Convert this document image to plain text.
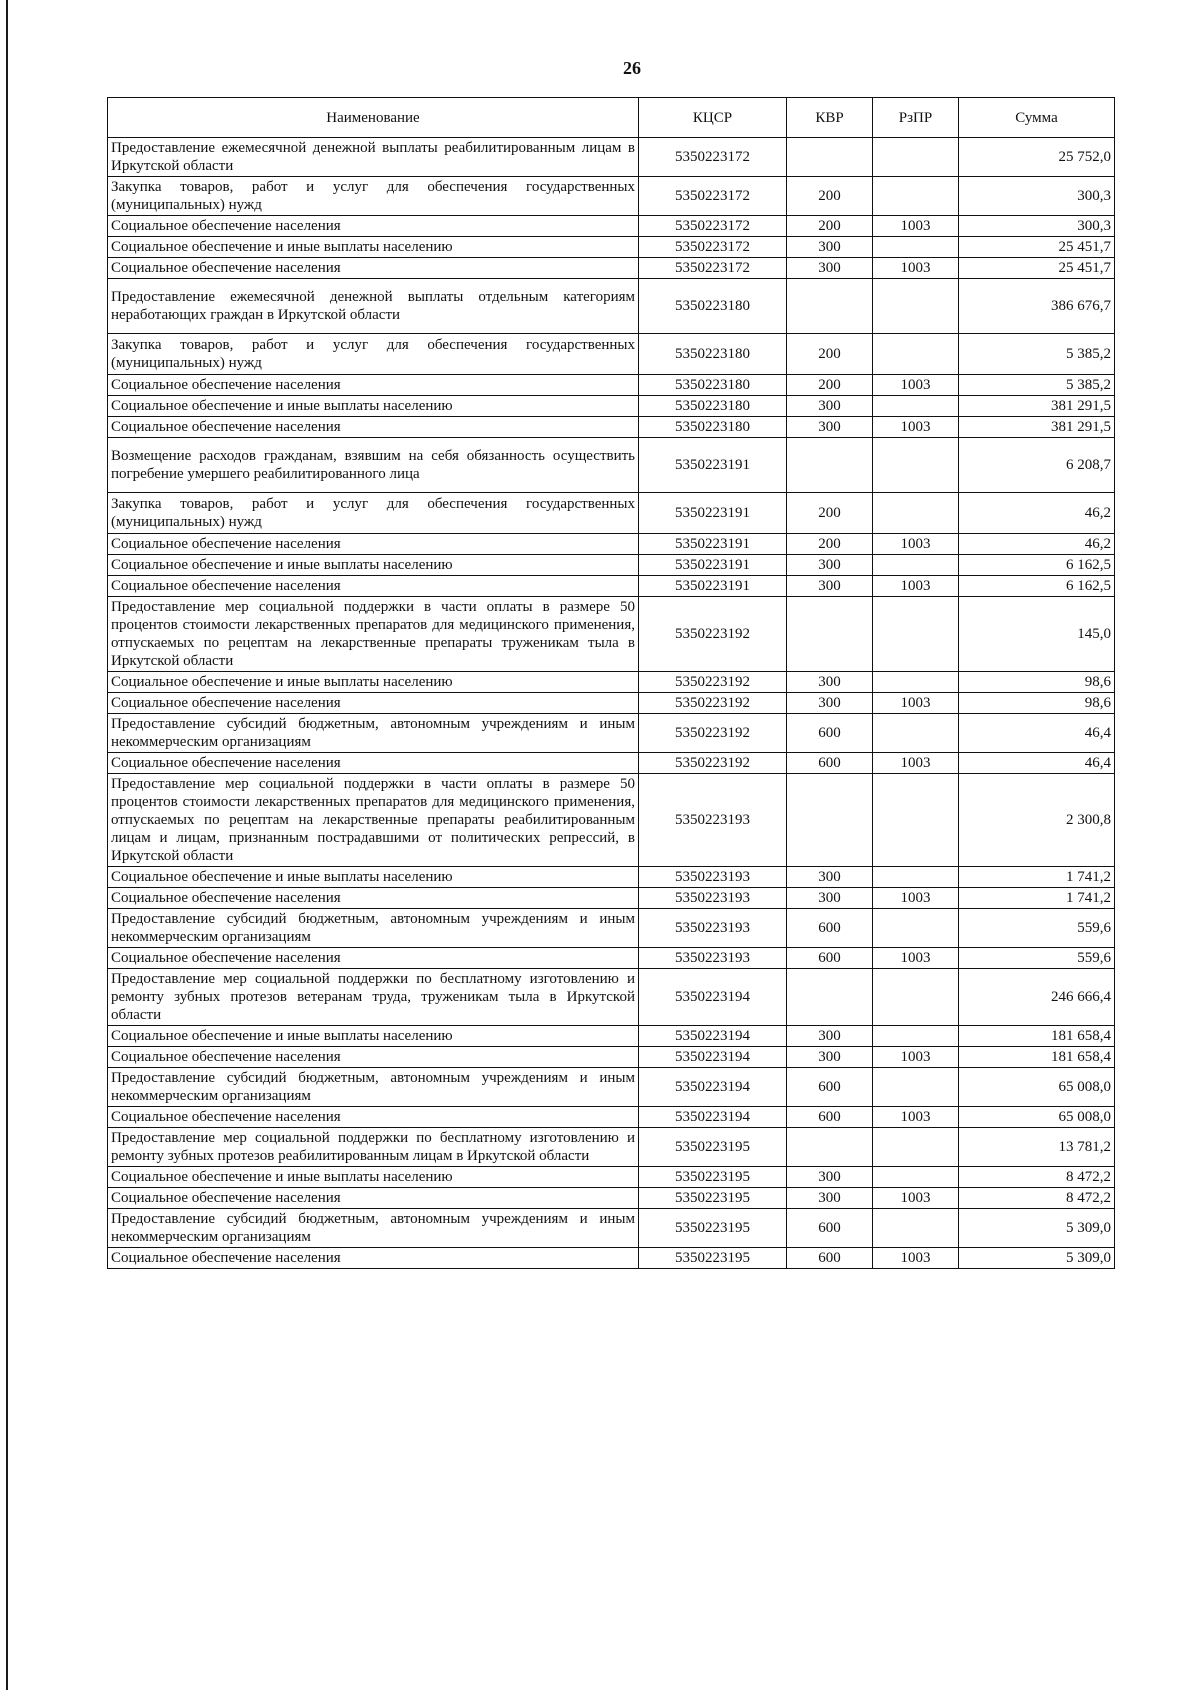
26
Наименование	КЦСР	КВР	РзПР	Сумма
Предоставление ежемесячной денежной выплаты реабилитированным лицам в Иркутской области	5350223172			25 752,0
Закупка товаров, работ и услуг для обеспечения государственных (муниципальных) нужд	5350223172	200		300,3
Социальное обеспечение населения	5350223172	200	1003	300,3
Социальное обеспечение и иные выплаты населению	5350223172	300		25 451,7
Социальное обеспечение населения	5350223172	300	1003	25 451,7
Предоставление ежемесячной денежной выплаты отдельным категориям неработающих граждан в Иркутской области	5350223180			386 676,7
Закупка товаров, работ и услуг для обеспечения государственных (муниципальных) нужд	5350223180	200		5 385,2
Социальное обеспечение населения	5350223180	200	1003	5 385,2
Социальное обеспечение и иные выплаты населению	5350223180	300		381 291,5
Социальное обеспечение населения	5350223180	300	1003	381 291,5
Возмещение расходов гражданам, взявшим на себя обязанность осуществить погребение умершего реабилитированного лица	5350223191			6 208,7
Закупка товаров, работ и услуг для обеспечения государственных (муниципальных) нужд	5350223191	200		46,2
Социальное обеспечение населения	5350223191	200	1003	46,2
Социальное обеспечение и иные выплаты населению	5350223191	300		6 162,5
Социальное обеспечение населения	5350223191	300	1003	6 162,5
Предоставление мер социальной поддержки в части оплаты в размере 50 процентов стоимости лекарственных препаратов для медицинского применения, отпускаемых по рецептам на лекарственные препараты труженикам тыла в Иркутской области	5350223192			145,0
Социальное обеспечение и иные выплаты населению	5350223192	300		98,6
Социальное обеспечение населения	5350223192	300	1003	98,6
Предоставление субсидий бюджетным, автономным учреждениям и иным некоммерческим организациям	5350223192	600		46,4
Социальное обеспечение населения	5350223192	600	1003	46,4
Предоставление мер социальной поддержки в части оплаты в размере 50 процентов стоимости лекарственных препаратов для медицинского применения, отпускаемых по рецептам на лекарственные препараты реабилитированным лицам и лицам, признанным пострадавшими от политических репрессий, в Иркутской области	5350223193			2 300,8
Социальное обеспечение и иные выплаты населению	5350223193	300		1 741,2
Социальное обеспечение населения	5350223193	300	1003	1 741,2
Предоставление субсидий бюджетным, автономным учреждениям и иным некоммерческим организациям	5350223193	600		559,6
Социальное обеспечение населения	5350223193	600	1003	559,6
Предоставление мер социальной поддержки по бесплатному изготовлению и ремонту зубных протезов ветеранам труда, труженикам тыла в Иркутской области	5350223194			246 666,4
Социальное обеспечение и иные выплаты населению	5350223194	300		181 658,4
Социальное обеспечение населения	5350223194	300	1003	181 658,4
Предоставление субсидий бюджетным, автономным учреждениям и иным некоммерческим организациям	5350223194	600		65 008,0
Социальное обеспечение населения	5350223194	600	1003	65 008,0
Предоставление мер социальной поддержки по бесплатному изготовлению и ремонту зубных протезов реабилитированным лицам в Иркутской области	5350223195			13 781,2
Социальное обеспечение и иные выплаты населению	5350223195	300		8 472,2
Социальное обеспечение населения	5350223195	300	1003	8 472,2
Предоставление субсидий бюджетным, автономным учреждениям и иным некоммерческим организациям	5350223195	600		5 309,0
Социальное обеспечение населения	5350223195	600	1003	5 309,0
